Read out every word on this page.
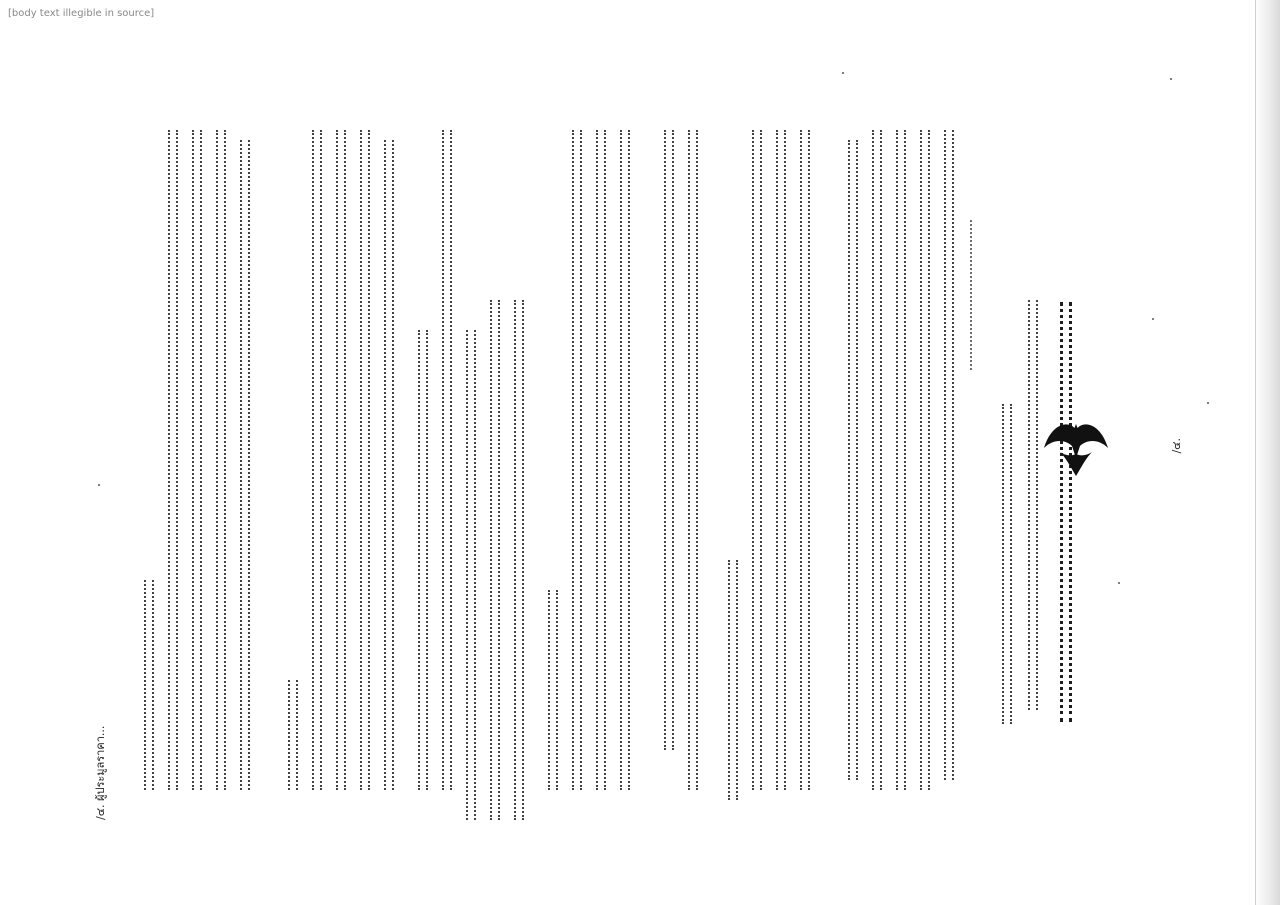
/๔. ผู้ประมูลราคา...
/๔.
[body text illegible in source]
